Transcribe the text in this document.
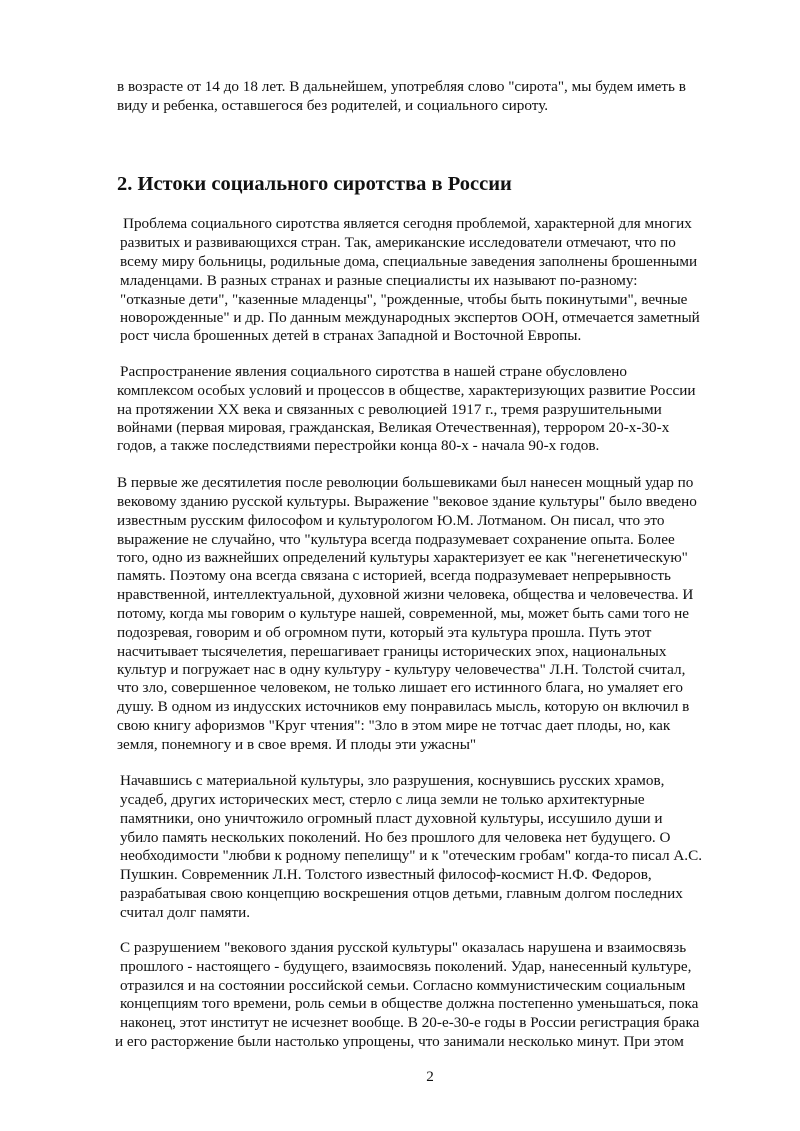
в возрасте от 14 до 18 лет. В дальнейшем, употребляя слово "сирота", мы будем иметь в
виду и ребенка, оставшегося без родителей, и социального сироту.
2. Истоки социального сиротства в России
Проблема социального сиротства является сегодня проблемой, характерной для многих
развитых и развивающихся стран. Так, американские исследователи отмечают, что по
всему миру больницы, родильные дома, специальные заведения заполнены брошенными
младенцами. В разных странах и разные специалисты их называют по-разному:
"отказные дети", "казенные младенцы", "рожденные, чтобы быть покинутыми", вечные
новорожденные" и др. По данным международных экспертов ООН, отмечается заметный
рост числа брошенных детей в странах Западной и Восточной Европы.
Распространение явления социального сиротства в нашей стране обусловлено
комплексом особых условий и процессов в обществе, характеризующих развитие России
на протяжении XX века и связанных с революцией 1917 г., тремя разрушительными
войнами (первая мировая, гражданская, Великая Отечественная), террором 20-х-30-х
годов, а также последствиями перестройки конца 80-х - начала 90-х годов.
В первые же десятилетия после революции большевиками был нанесен мощный удар по
вековому зданию русской культуры. Выражение "вековое здание культуры" было введено
известным русским философом и культурологом Ю.М. Лотманом. Он писал, что это
выражение не случайно, что "культура всегда подразумевает сохранение опыта. Более
того, одно из важнейших определений культуры характеризует ее как "негенетическую"
память. Поэтому она всегда связана с историей, всегда подразумевает непрерывность
нравственной, интеллектуальной, духовной жизни человека, общества и человечества. И
потому, когда мы говорим о культуре нашей, современной, мы, может быть сами того не
подозревая, говорим и об огромном пути, который эта культура прошла. Путь этот
насчитывает тысячелетия, перешагивает границы исторических эпох, национальных
культур и погружает нас в одну культуру - культуру человечества" Л.Н. Толстой считал,
что зло, совершенное человеком, не только лишает его истинного блага, но умаляет его
душу. В одном из индусских источников ему понравилась мысль, которую он включил в
свою книгу афоризмов "Круг чтения": "Зло в этом мире не тотчас дает плоды, но, как
земля, понемногу и в свое время. И плоды эти ужасны"
Начавшись с материальной культуры, зло разрушения, коснувшись русских храмов,
усадеб, других исторических мест, стерло с лица земли не только архитектурные
памятники, оно уничтожило огромный пласт духовной культуры, иссушило души и
убило память нескольких поколений. Но без прошлого для человека нет будущего. О
необходимости "любви к родному пепелищу" и к "отеческим гробам" когда-то писал А.С.
Пушкин. Современник Л.Н. Толстого известный философ-космист Н.Ф. Федоров,
разрабатывая свою концепцию воскрешения отцов детьми, главным долгом последних
считал долг памяти.
С разрушением "векового здания русской культуры" оказалась нарушена и взаимосвязь
прошлого - настоящего - будущего, взаимосвязь поколений. Удар, нанесенный культуре,
отразился и на состоянии российской семьи. Согласно коммунистическим социальным
концепциям того времени, роль семьи в обществе должна постепенно уменьшаться, пока
наконец, этот институт не исчезнет вообще. В 20-е-30-е годы в России регистрация брака
и его расторжение были настолько упрощены, что занимали несколько минут. При этом
2
